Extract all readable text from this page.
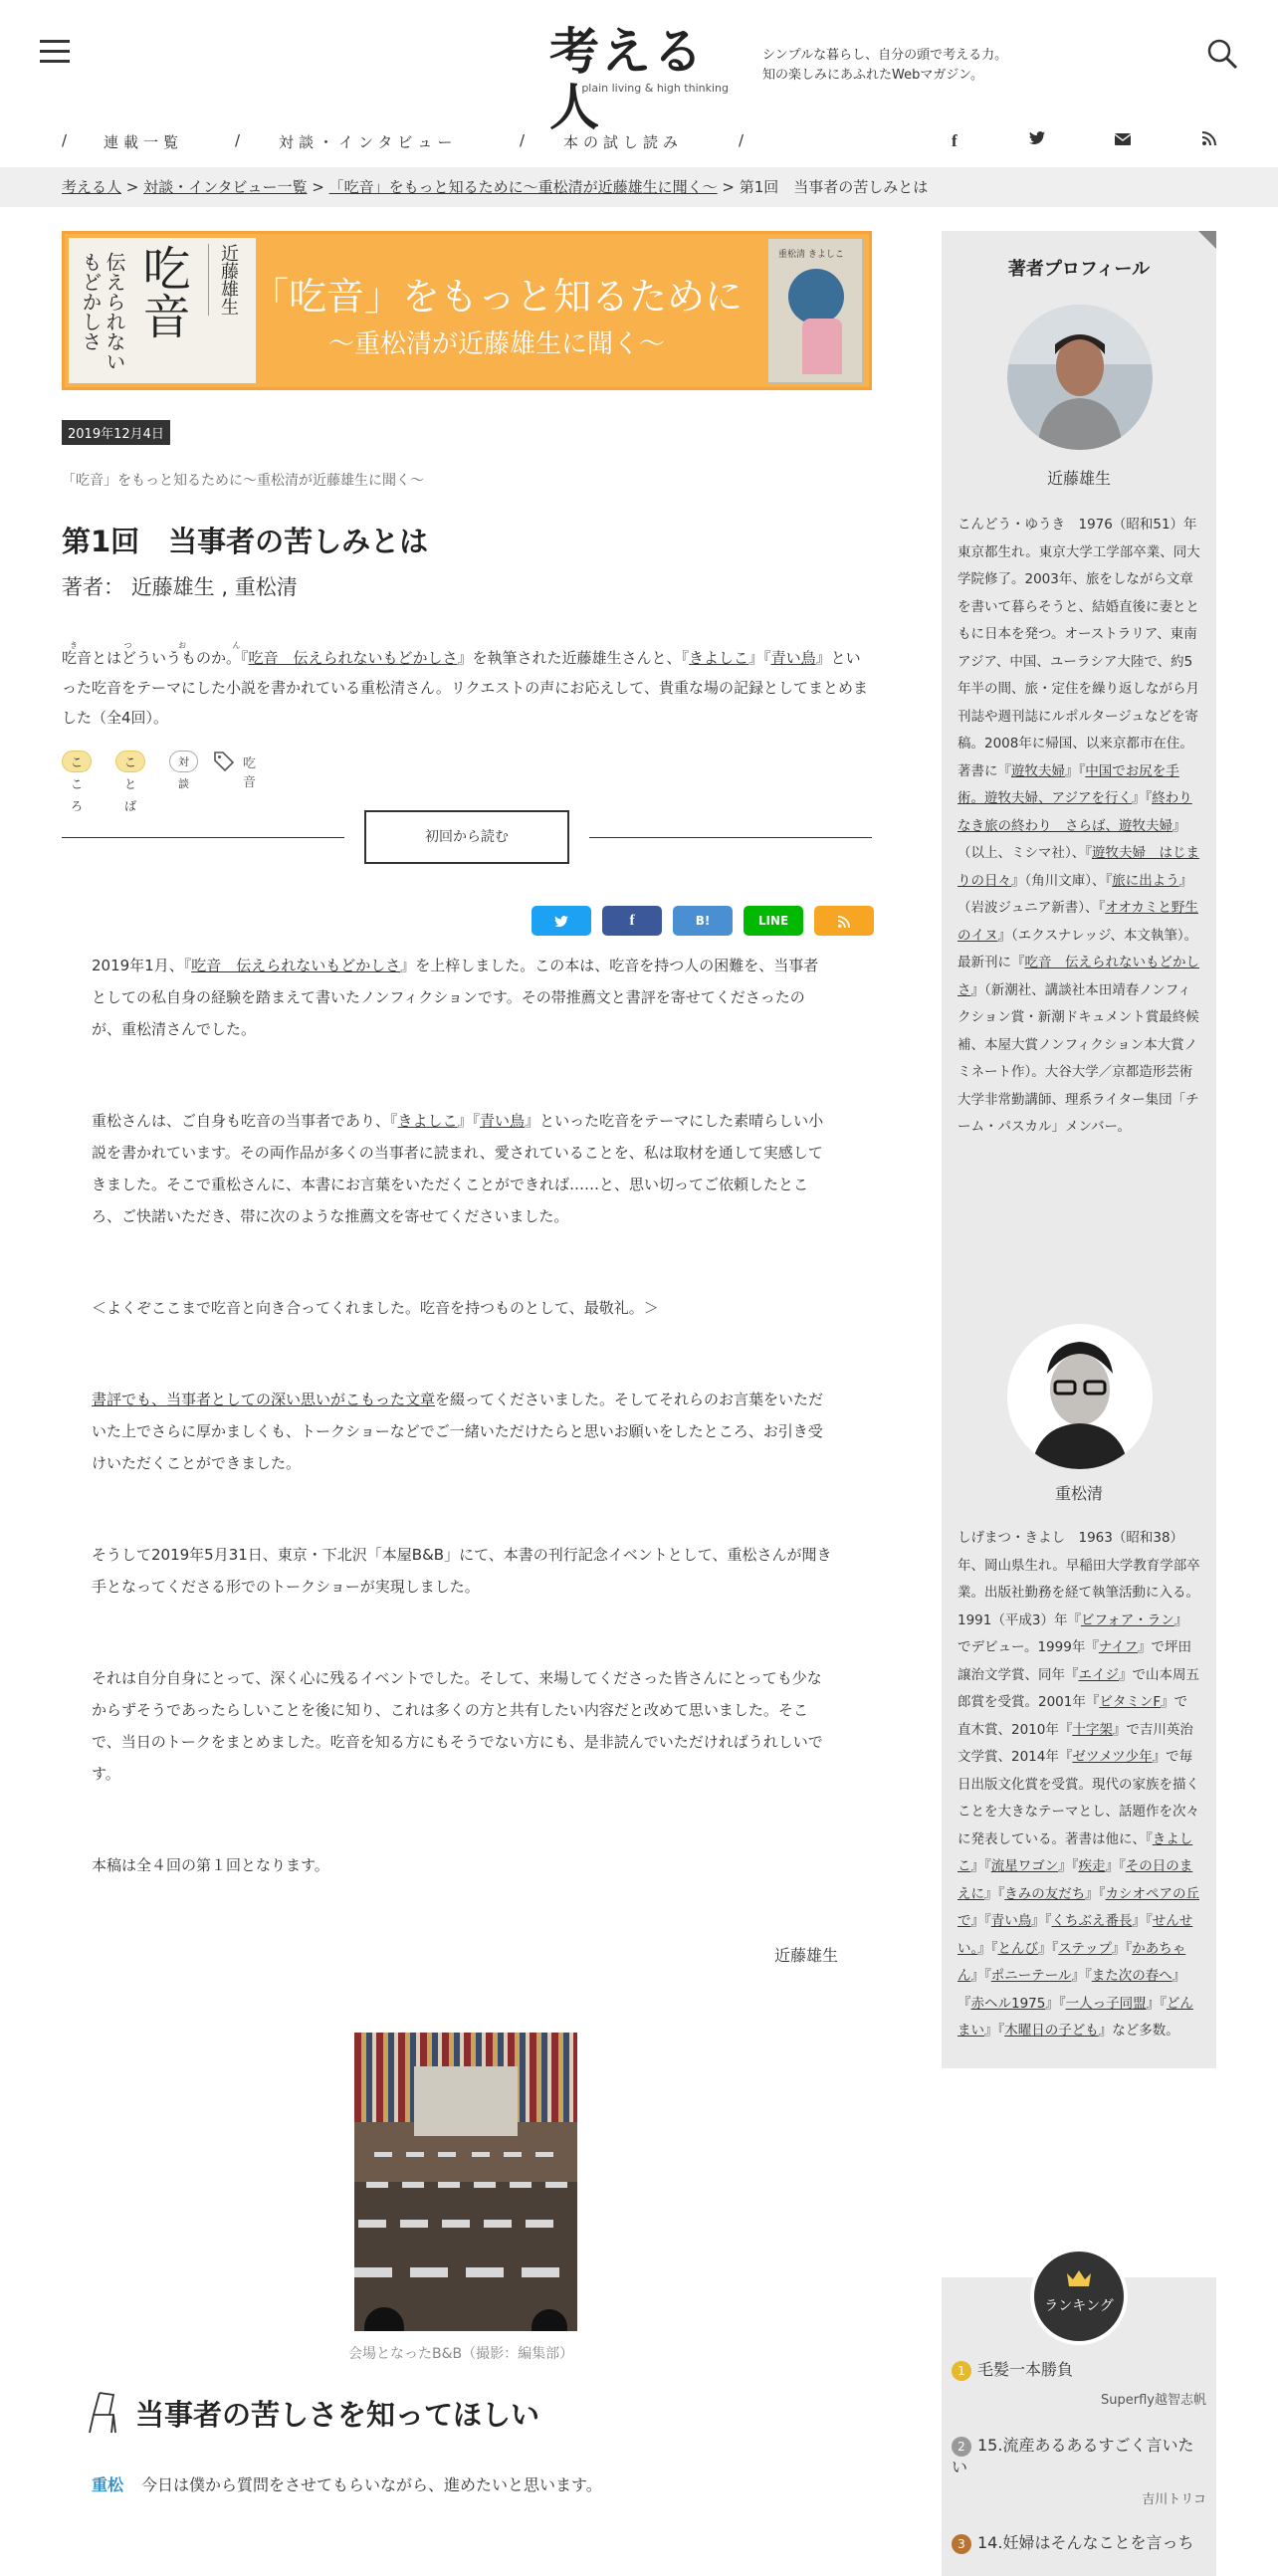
考える人
plain living & high thinking
シンプルな暮らし、自分の頭で考える力。
知の楽しみにあふれたWebマガジン。
/ 連載一覧	/ 対談・インタビュー	/ 本の試し読み	/	f
考える人 > 対談・インタビュー一覧 > 「吃音」をもっと知るために～重松清が近藤雄生に聞く～ > 第1回　当事者の苦しみとは
伝えられないもどかしさ 吃音	近藤雄生 「吃音」をもっと知るために
～重松清が近藤雄生に聞く～
重松清 きよしこ
2019年12月4日
「吃音」をもっと知るために～重松清が近藤雄生に聞く～
第1回　当事者の苦しみとは
著者： 近藤雄生 , 重松清
吃音とはどういうものか。『きつおん吃音　伝えられないもどかしさ』を執筆された近藤雄生さんと、『きよしこ』『青い鳥』といった吃音をテーマにした小説を書かれている重松清さん。リクエストの声にお応えして、貴重な場の記録としてまとめました（全4回）。
こころ
ことば
対談
吃音
初回から読む
f	B!	LINE
2019年1月、『吃音　伝えられないもどかしさ』を上梓しました。この本は、吃音を持つ人の困難を、当事者としての私自身の経験を踏まえて書いたノンフィクションです。その帯推薦文と書評を寄せてくださったのが、重松清さんでした。
重松さんは、ご自身も吃音の当事者であり、『きよしこ』『青い鳥』といった吃音をテーマにした素晴らしい小説を書かれています。その両作品が多くの当事者に読まれ、愛されていることを、私は取材を通して実感してきました。そこで重松さんに、本書にお言葉をいただくことができれば……と、思い切ってご依頼したところ、ご快諾いただき、帯に次のような推薦文を寄せてくださいました。
＜よくぞここまで吃音と向き合ってくれました。吃音を持つものとして、最敬礼。＞
書評でも、当事者としての深い思いがこもった文章を綴ってくださいました。そしてそれらのお言葉をいただいた上でさらに厚かましくも、トークショーなどでご一緒いただけたらと思いお願いをしたところ、お引き受けいただくことができました。
そうして2019年5月31日、東京・下北沢「本屋B&B」にて、本書の刊行記念イベントとして、重松さんが聞き手となってくださる形でのトークショーが実現しました。
それは自分自身にとって、深く心に残るイベントでした。そして、来場してくださった皆さんにとっても少なからずそうであったらしいことを後に知り、これは多くの方と共有したい内容だと改めて思いました。そこで、当日のトークをまとめました。吃音を知る方にもそうでない方にも、是非読んでいただければうれしいです。
本稿は全４回の第１回となります。
近藤雄生
会場となったB&B（撮影：編集部）
当事者の苦しさを知ってほしい
重松 今日は僕から質問をさせてもらいながら、進めたいと思います。
著者プロフィール
近藤雄生
こんどう・ゆうき　1976（昭和51）年東京都生れ。東京大学工学部卒業、同大学院修了。2003年、旅をしながら文章を書いて暮らそうと、結婚直後に妻とともに日本を発つ。オーストラリア、東南アジア、中国、ユーラシア大陸で、約5年半の間、旅・定住を繰り返しながら月刊誌や週刊誌にルポルタージュなどを寄稿。2008年に帰国、以来京都市在住。著書に『遊牧夫婦』『中国でお尻を手術。遊牧夫婦、アジアを行く』『終わりなき旅の終わり　さらば、遊牧夫婦』（以上、ミシマ社）、『遊牧夫婦　はじまりの日々』（角川文庫）、『旅に出よう』（岩波ジュニア新書）、『オオカミと野生のイヌ』（エクスナレッジ、本文執筆）。最新刊に『吃音　伝えられないもどかしさ』（新潮社、講談社本田靖春ノンフィクション賞・新潮ドキュメント賞最終候補、本屋大賞ノンフィクション本大賞ノミネート作）。大谷大学／京都造形芸術大学非常勤講師、理系ライター集団「チーム・パスカル」メンバー。
重松清
しげまつ・きよし　1963（昭和38）年、岡山県生れ。早稲田大学教育学部卒業。出版社勤務を経て執筆活動に入る。1991（平成3）年『ビフォア・ラン』でデビュー。1999年『ナイフ』で坪田譲治文学賞、同年『エイジ』で山本周五郎賞を受賞。2001年『ビタミンF』で直木賞、2010年『十字架』で吉川英治文学賞、2014年『ゼツメツ少年』で毎日出版文化賞を受賞。現代の家族を描くことを大きなテーマとし、話題作を次々に発表している。著書は他に、『きよしこ』『流星ワゴン』『疾走』『その日のまえに』『きみの友だち』『カシオペアの丘で』『青い鳥』『くちぶえ番長』『せんせい。』『とんび』『ステップ』『かあちゃん』『ポニーテール』『また次の春へ』『赤ヘル1975』『一人っ子同盟』『どんまい』『木曜日の子ども』など多数。
ランキング
1 毛髪一本勝負
Superfly越智志帆
2 15.流産あるあるすごく言いたい
吉川トリコ
3 14.妊婦はそんなことを言っち
